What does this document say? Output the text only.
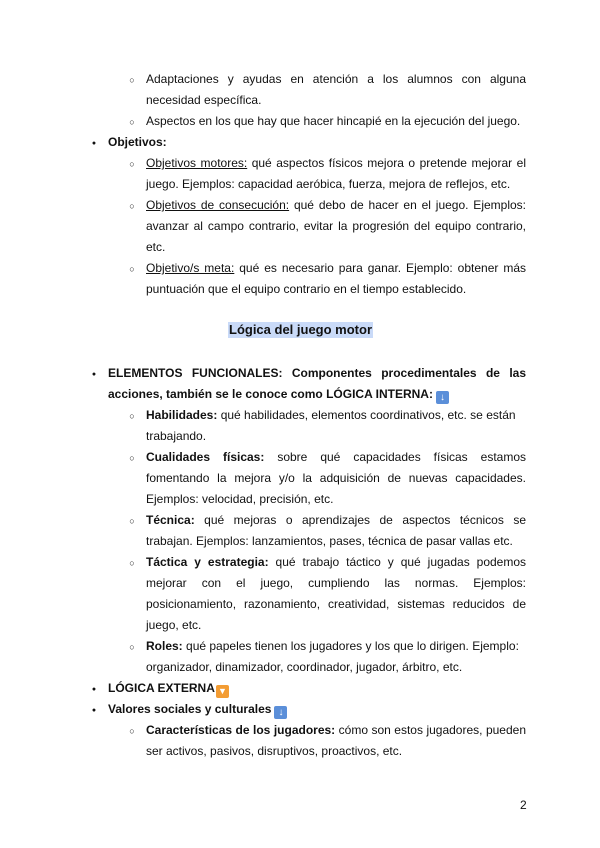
○
Adaptaciones y ayudas en atención a los alumnos con alguna
necesidad específica.
○
Aspectos en los que hay que hacer hincapié en la ejecución del juego.
●
Objetivos:
○
Objetivos motores: qué aspectos físicos mejora o pretende mejorar el
juego. Ejemplos: capacidad aeróbica, fuerza, mejora de reflejos, etc.
○
Objetivos de consecución: qué debo de hacer en el juego. Ejemplos:
avanzar al campo contrario, evitar la progresión del equipo contrario,
etc.
○
Objetivo/s meta: qué es necesario para ganar. Ejemplo: obtener más
puntuación que el equipo contrario en el tiempo establecido.
Lógica del juego motor
●
ELEMENTOS FUNCIONALES: Componentes procedimentales de las
acciones, también se le conoce como LÓGICA INTERNA: ↓
○
Habilidades: qué habilidades, elementos coordinativos, etc. se están
trabajando.
○
Cualidades físicas: sobre qué capacidades físicas estamos
fomentando la mejora y/o la adquisición de nuevas capacidades.
Ejemplos: velocidad, precisión, etc.
○
Técnica: qué mejoras o aprendizajes de aspectos técnicos se
trabajan. Ejemplos: lanzamientos, pases, técnica de pasar vallas etc.
○
Táctica y estrategia: qué trabajo táctico y qué jugadas podemos
mejorar con el juego, cumpliendo las normas. Ejemplos:
posicionamiento, razonamiento, creatividad, sistemas reducidos de
juego, etc.
○
Roles: qué papeles tienen los jugadores y los que lo dirigen. Ejemplo:
organizador, dinamizador, coordinador, jugador, árbitro, etc.
●
LÓGICA EXTERNA ▼
●
Valores sociales y culturales ↓
○
Características de los jugadores: cómo son estos jugadores, pueden
ser activos, pasivos, disruptivos, proactivos, etc.
2
